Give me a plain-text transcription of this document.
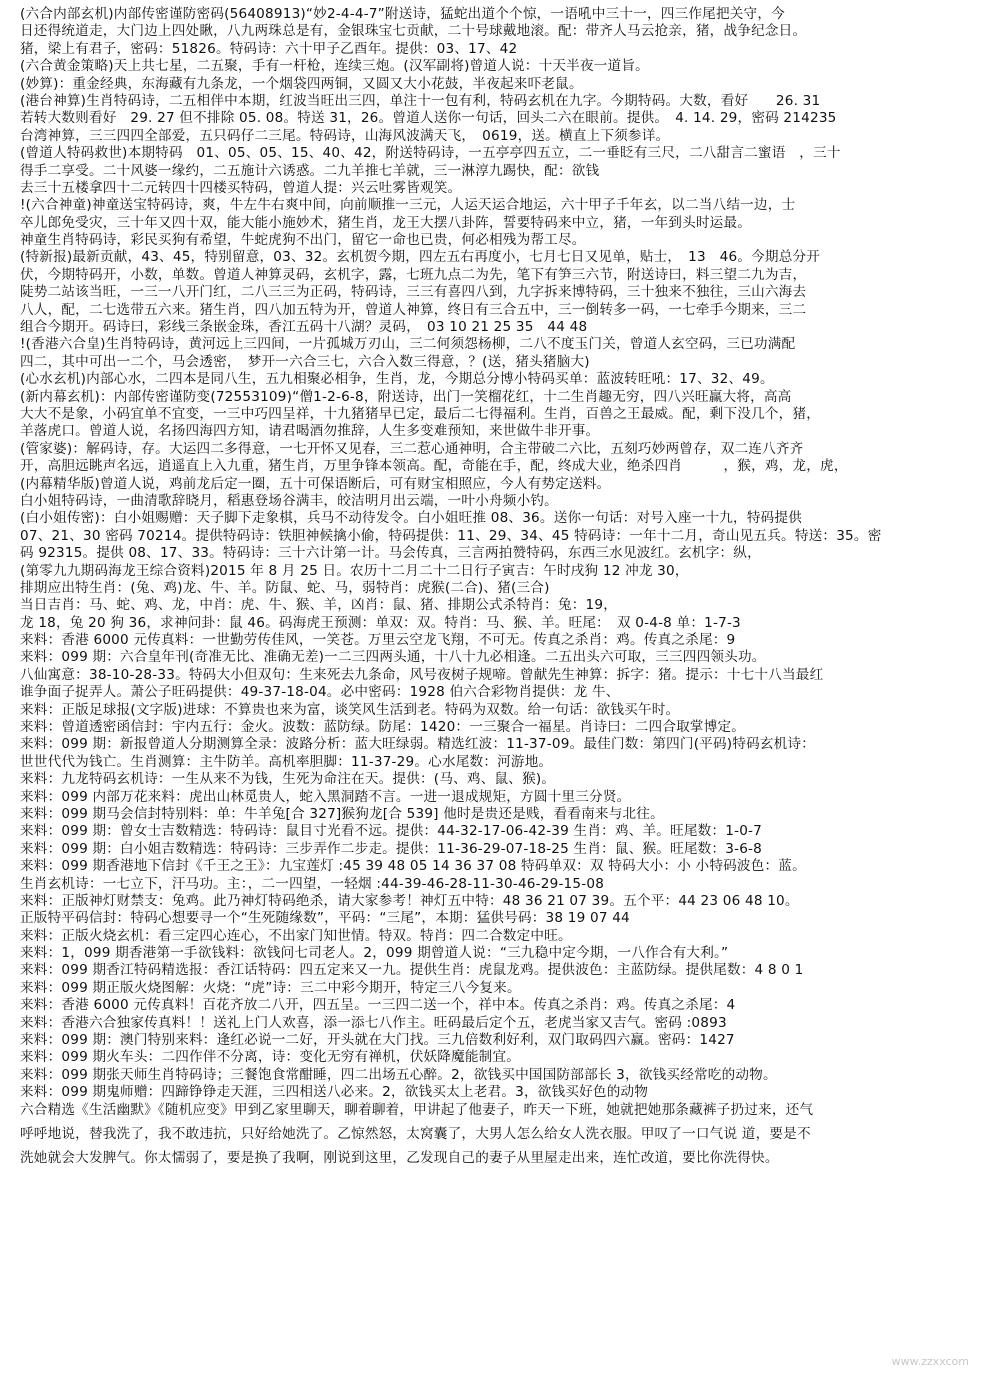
(六合内部玄机)内部传密谨防密码(56408913)“妙2-4-4-7”附送诗，猛蛇出道个个惊，一语吼中三十一，四三作尾把关守，今
日还得统道走，大门边上四处瞅，八九两珠总是有，金银珠宝七贡献，二十号球戴地滚。配：带齐人马云抢亲，猪，战争纪念日。
猪，梁上有君子，密码：51826。特码诗：六十甲子乙酉年。提供：03、17、42
(六合黄金策略)天上共七星，二五聚，手有一杆枪，连续三炮。(汉军副将)曾道人说：十天半夜一道旨。
(妙算)：重金经典，东海藏有九条龙，一个烟袋四两铜，又圆又大小花鼓，半夜起来吓老鼠。
(港台神算)生肖特码诗，二五相伴中本期，红波当旺出三四，单注十一包有利，特码玄机在九字。今期特码。大数，看好　　26. 31
若转大数则看好　29. 27 但不排除 05. 08。特送 31，26。曾道人送你一句话，回头二六在眼前。提供。　4. 14. 29，密码 214235
台湾神算，三三四四全部爱，五只码仔二三尾。特码诗，山海风波满天飞，　0619，送。横直上下须参详。
(曾道人特码救世)本期特码　01、05、05、15、40、42，附送特码诗，一五亭亭四五立，二一垂眨有三尺，二八甜言二蜜语　，三十
得手二享受。二十风婆一缘约，二五施计六诱惑。二九羊推七羊就，三一淋淳九踢快，配：欲钱
去三十五楼拿四十二元转四十四楼买特码，曾道人提：兴云吐雾皆观笑。
!(六合神童)神童送宝特码诗，爽，牛左牛右爽中间，向前顺推一三元，人运天运合地运，六十甲子千年玄，以二当八结一边，士
卒儿郎免受灾，三十年又四十双，能大能小施妙术，猪生肖，龙王大摆八卦阵，誓要特码来中立，猪，一年到头时运最。
神童生肖特码诗，彩民买狗有希望，牛蛇虎狗不出门，留它一命也已贵，何必相残为帮工尽。
(特新报)最新贡献，43、45，特别留意，03、32。玄机贺今期，四左五右再度小，七月七日又见单，贴士，　13　46。今期总分开
伏，今期特码开，小数，单数。曾道人神算灵码，玄机字，露，七班九点二为先，笔下有笋三六节，附送诗曰，料三望二九为吉，
陡势二站该当旺，一三一八开门红，二八三三为正码，特码诗，三三有喜四八到，九字拆来博特码，三十独来不独往，三山六海去
八人，配，二七选带五六来。猪生肖，四八加五特为开，曾道人神算，终日有三合五中，三一倒转多一码，一七牵手今期来，三二
组合今期开。码诗曰，彩线三条嵌金珠，香江五码十八湖？灵码，　03 10 21 25 35　44 48
!(香港六合皇)生肖特码诗，黄河远上三四间，一片孤城万刃山，三二何须怨杨柳，二八不度玉门关，曾道人玄空码，三已功满配
四二，其中可出一二个，马会透密，　梦开一六合三七，六合入数三得意，？(送，猪头猪脑大)
(心水玄机)内部心水，二四本是同八生，五九相聚必相争，生肖，龙，今期总分博小特码买单：蓝波转旺吼：17、32、49。
(新内幕玄机)：内部传密谨防变(72553109)“僧1-2-6-8，附送诗，出门一笑榴花红，十二生肖趣无穷，四八兴旺赢大将，高高
大大不是象，小码宜单不宜变，一三中巧四呈祥，十九猪猪早已定，最后二七得福利。生肖，百兽之王最威。配，剩下没几个，猪，
羊落虎口。曾道人说，名扬四海四方知，请君喝酒勿推辞，人生多变难预知，来世做牛非开事。
(管家婆)：解码诗，存。大运四二多得意，一七开怀又见春，三二惹心通神明，合主带破二六比，五刻巧妙两曾存，双二连八齐齐
开，高胆远眺声名远，逍遥直上入九重，猪生肖，万里争锋本领高。配，奇能在手，配，终成大业，绝杀四肖　　　，猴，鸡，龙，虎，
(内幕精华版)曾道人说，鸡前龙后定一圈，五十可保语断后，可有财宝相照应，今人有势定送料。
白小姐特码诗，一曲清歌辞晓月，稻惠登场谷满丰，皎洁明月出云端，一叶小舟频小钓。
(白小姐传密)：白小姐赐赠：天子脚下走象棋，兵马不动待发令。白小姐旺推 08、36。送你一句话：对号入座一十九，特码提供
07、21、30 密码 70214。提供特码诗：铁胆神候擒小偷，特码提供：11、29、34、45 特码诗：一年十二月，奇山见五兵。特送：35。密
码 92315。提供 08、17、33。特码诗：三十六计第一计。马会传真，三言两拍赞特码，东西三水见波红。玄机字：纵，
(第零九九期码海龙王综合资料)2015 年 8 月 25 日。农历十二月二十二日行子寅吉：午时戌狗 12 冲龙 30，
排期应出特生肖：(兔、鸡)龙、牛、羊。防鼠、蛇、马，弱特肖：虎猴(二合)、猪(三合)
当日吉肖：马、蛇、鸡、龙，中肖：虎、牛、猴、羊，凶肖：鼠、猪、排期公式杀特肖：兔：19，
龙 18，兔 20 狗 36，求神问卦：鼠 46。码海虎王预测：单双：双。特肖：马、猴、羊。旺尾：　双 0-4-8 单：1-7-3
来料：香港 6000 元传真料：一世勤劳传佳风，一笑苍。万里云空龙飞翔，不可无。传真之杀肖：鸡。传真之杀尾：9
来料：099 期：六合皇年刊(奇准无比、准确无差)一二三四两头通，十八十九必相逢。二五出头六可取，三三四四领头功。
八仙寓意：38-10-28-33。特码大小但双句：生来死去九条命，风号夜树子规啼。曾献先生神算：拆字：猪。提示：十七十八当最红
谁争面子捉弄人。萧公子旺码提供：49-37-18-04。必中密码：1928 伯六合彩物肖提供：龙 牛、
来料：正版足球报(文字版)进球：不算贵也来为富，谈笑风生活到老。特码为双数。给一句话：欲钱买午时。
来料：曾道透密函信封：宇内五行：金火。波数：蓝防绿。防尾：1420：一三聚合一福星。肖诗曰：二四合取掌博定。
来料：099 期：新报曾道人分期测算全录：波路分析：蓝大旺绿弱。精选红波：11-37-09。最佳门数：第四门(平码)特码玄机诗：
世世代代为钱亡。生肖测算：主牛防羊。高机率胆脚：11-37-29。心水尾数：河游地。
来料：九龙特码玄机诗：一生从来不为钱，生死为命注在天。提供：(马、鸡、鼠、猴)。
来料：099 内部万花来料：虎出山林觅贵人，蛇入黑洞踏不言。一进一退成规矩，方圆十里三分贤。
来料：099 期马会信封特别料：单：牛羊兔[合 327]猴狗龙[合 539] 他时是贵还是贱，看看南来与北往。
来料：099 期：曾女士吉数精选：特码诗：鼠目寸光看不远。提供：44-32-17-06-42-39 生肖：鸡、羊。旺尾数：1-0-7
来料：099 期：白小姐吉数精选：特码诗：三步弄作二步走。提供：11-36-29-07-18-25 生肖：鼠、猴。旺尾数：3-6-8
来料：099 期香港地下信封《千王之王》：九宝莲灯 :45 39 48 05 14 36 37 08 特码单双：双 特码大小：小 小特码波色：蓝。
生肖玄机诗：一七立下，汗马功。主：，二一四望，一轻烟 :44-39-46-28-11-30-46-29-15-08
来料：正版神灯财禁支：兔鸡。此乃神灯特码绝杀，请大家参考！神灯五中特：48 36 21 07 39。五个平：44 23 06 48 10。
正版特平码信封：特码心想要寻一个“生死随缘数”，平码：“三尾”，本期：猛供号码：38 19 07 44
来料：正版火烧玄机：看三定四心连心，不出家门知世情。特双。特肖：四二合数定中旺。
来料：1，099 期香港第一手欲钱料：欲钱问七司老人。2，099 期曾道人说：“三九稳中定今期，一八作合有大利。”
来料：099 期香江特码精选报：香江话特码：四五定来又一九。提供生肖：虎鼠龙鸡。提供波色：主蓝防绿。提供尾数：4 8 0 1
来料：099 期正版火烧图解：火烧：“虎”诗：三二中彩今期开，特定三八今复来。
来料：香港 6000 元传真料！百花齐放二八开，四五呈。一三四二送一个，祥中本。传真之杀肖：鸡。传真之杀尾：4
来料：香港六合独家传真料！！送礼上门人欢喜，添一添七八作主。旺码最后定个五，老虎当家又吉气。密码 :0893
来料：099 期：澳门特别来料：逢红必说一二好，开头就在大门找。三九倍数利好利，双门取码四六赢。密码：1427
来料：099 期火车头：二四作伴不分离，诗：变化无穷有禅机，伏妖降魔能制宜。
来料：099 期张天师生肖特码诗；三餐饱食常酣睡，四二出场五心醉。2，欲钱买中国国防部部长 3，欲钱买经常吃的动物。
来料：099 期鬼师赠：四蹄铮铮走天涯，三四相送八必来。2，欲钱买太上老君。3，欲钱买好色的动物
六合精选《生活幽默》《随机应变》甲到乙家里聊天，聊着聊着，甲讲起了他妻子，昨天一下班，她就把她那条藏裤子扔过来，还气
呼呼地说，替我洗了，我不敢违抗，只好给她洗了。乙惊然怒，太窝囊了，大男人怎么给女人洗衣服。甲叹了一口气说 道，要是不
洗她就会大发脾气。你太懦弱了，要是换了我啊，刚说到这里，乙发现自己的妻子从里屋走出来，连忙改道，要比你洗得快。
www.zzxxcom
